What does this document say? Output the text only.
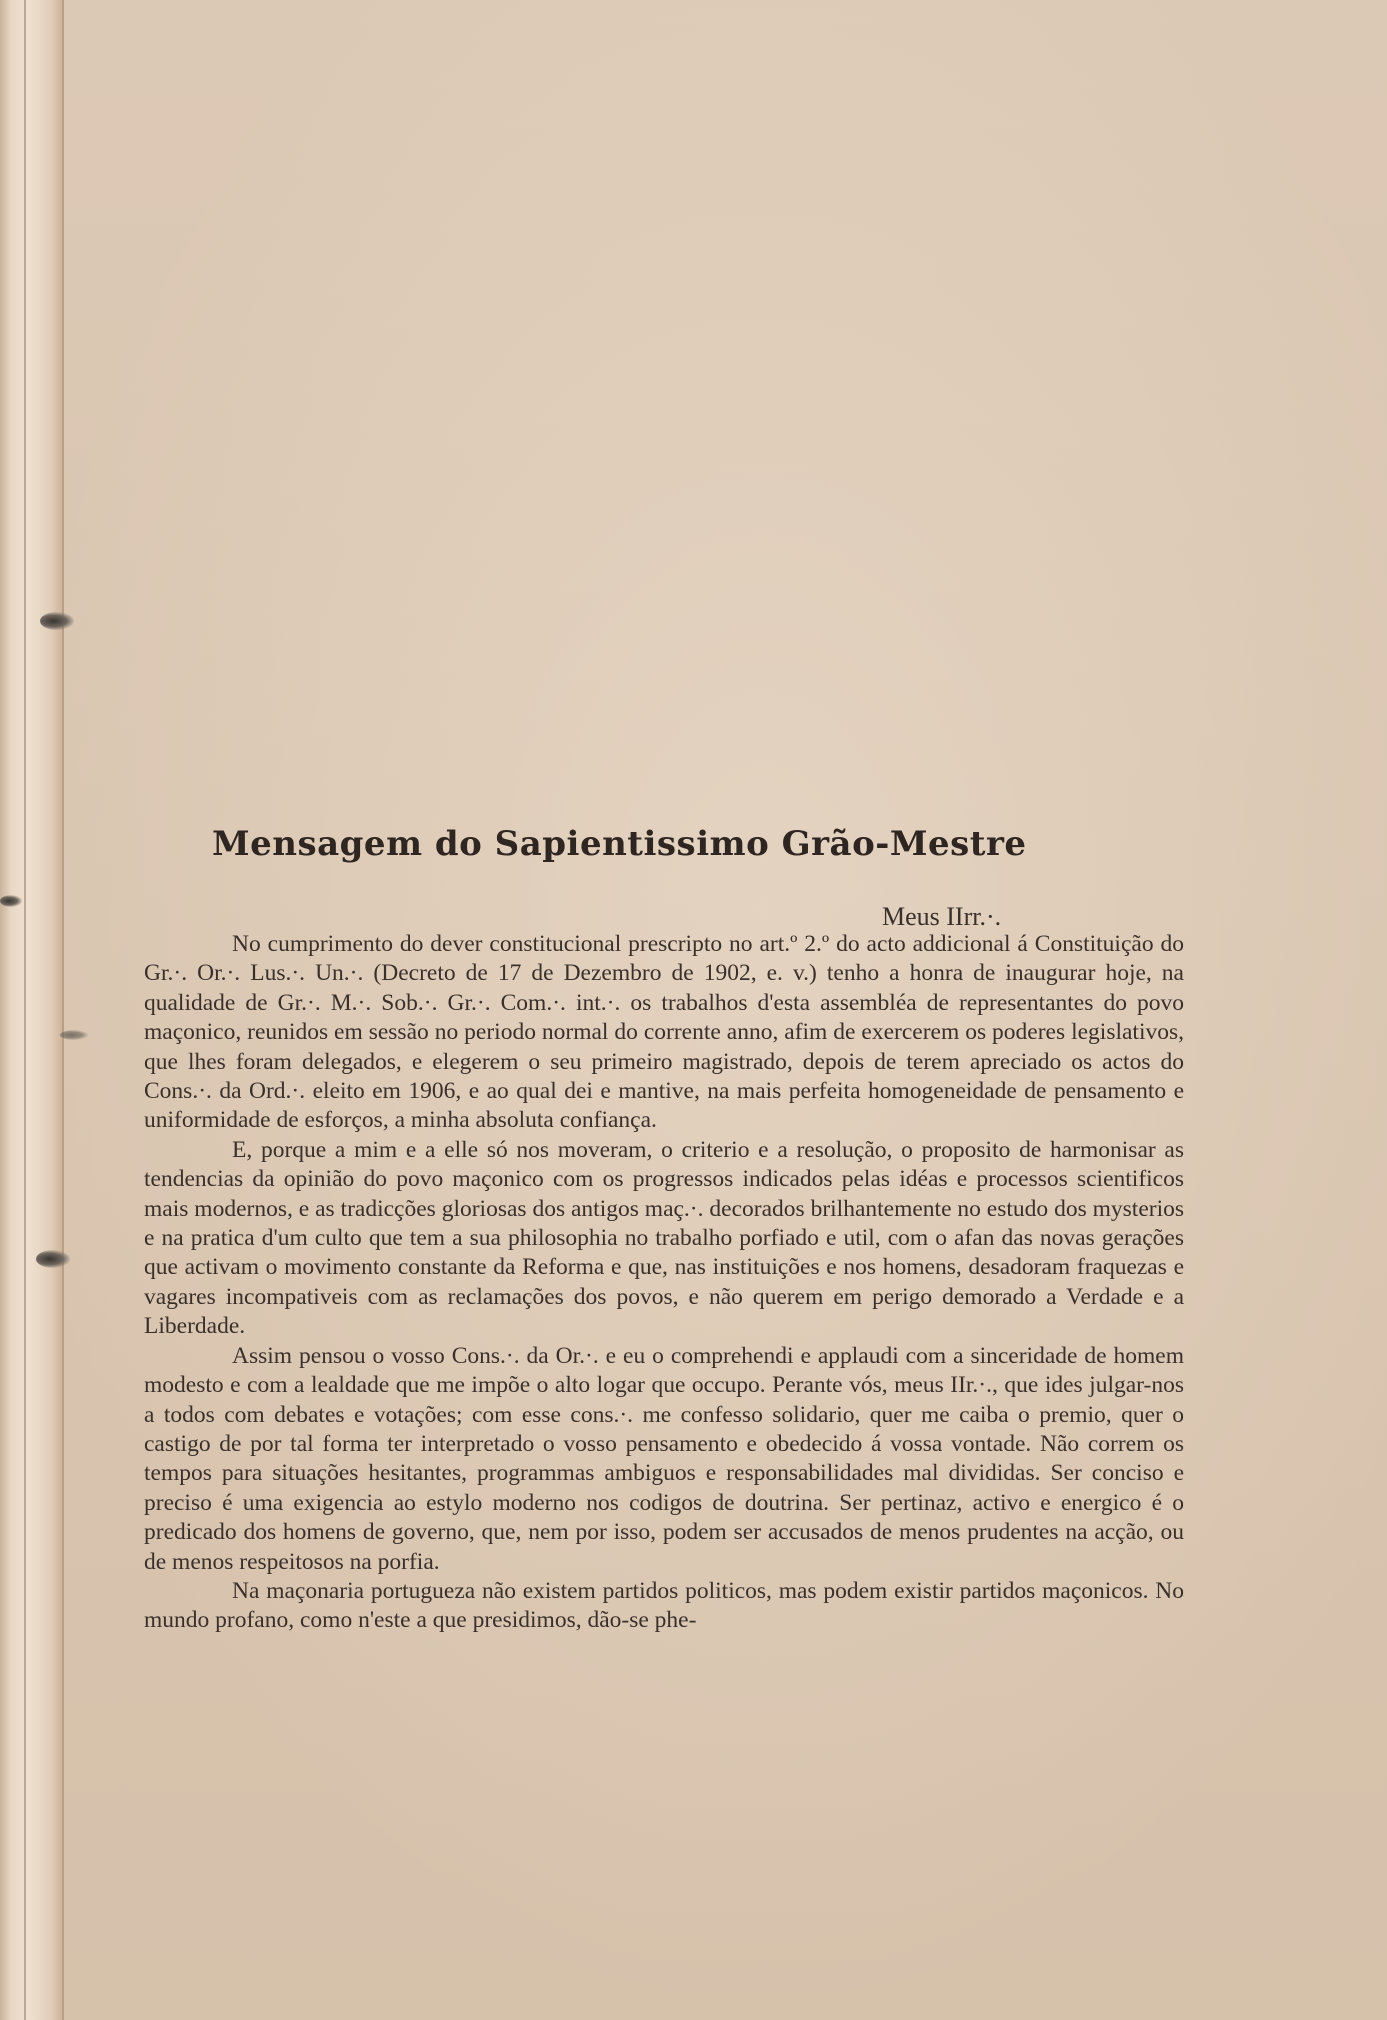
Mensagem do Sapientissimo Grão-Mestre
Meus IIrr.·.

No cumprimento do dever constitucional prescripto no art.º 2.º do acto addicional á Constituição do Gr.·. Or.·. Lus.·. Un.·. (Decreto de 17 de Dezembro de 1902, e. v.) tenho a honra de inaugurar hoje, na qualidade de Gr.·. M.·. Sob.·. Gr.·. Com.·. int.·. os trabalhos d'esta assembléa de representantes do povo maçonico, reunidos em sessão no periodo normal do corrente anno, afim de exercerem os poderes legislativos, que lhes foram delegados, e elegerem o seu primeiro magistrado, depois de terem apreciado os actos do Cons.·. da Ord.·. eleito em 1906, e ao qual dei e mantive, na mais perfeita homogeneidade de pensamento e uniformidade de esforços, a minha absoluta confiança.

E, porque a mim e a elle só nos moveram, o criterio e a resolução, o proposito de harmonisar as tendencias da opinião do povo maçonico com os progressos indicados pelas idéas e processos scientificos mais modernos, e as tradicções gloriosas dos antigos maç.·. decorados brilhantemente no estudo dos mysterios e na pratica d'um culto que tem a sua philosophia no trabalho porfiado e util, com o afan das novas gerações que activam o movimento constante da Reforma e que, nas instituições e nos homens, desadoram fraquezas e vagares incompativeis com as reclamações dos povos, e não querem em perigo demorado a Verdade e a Liberdade.

Assim pensou o vosso Cons.·. da Or.·. e eu o comprehendi e applaudi com a sinceridade de homem modesto e com a lealdade que me impõe o alto logar que occupo. Perante vós, meus IIr.·., que ides julgar-nos a todos com debates e votações; com esse cons.·. me confesso solidario, quer me caiba o premio, quer o castigo de por tal forma ter interpretado o vosso pensamento e obedecido á vossa vontade. Não correm os tempos para situações hesitantes, programmas ambiguos e responsabilidades mal divididas. Ser conciso e preciso é uma exigencia ao estylo moderno nos codigos de doutrina. Ser pertinaz, activo e energico é o predicado dos homens de governo, que, nem por isso, podem ser accusados de menos prudentes na acção, ou de menos respeitosos na porfia.

Na maçonaria portugueza não existem partidos politicos, mas podem existir partidos maçonicos. No mundo profano, como n'este a que presidimos, dão-se phe-
